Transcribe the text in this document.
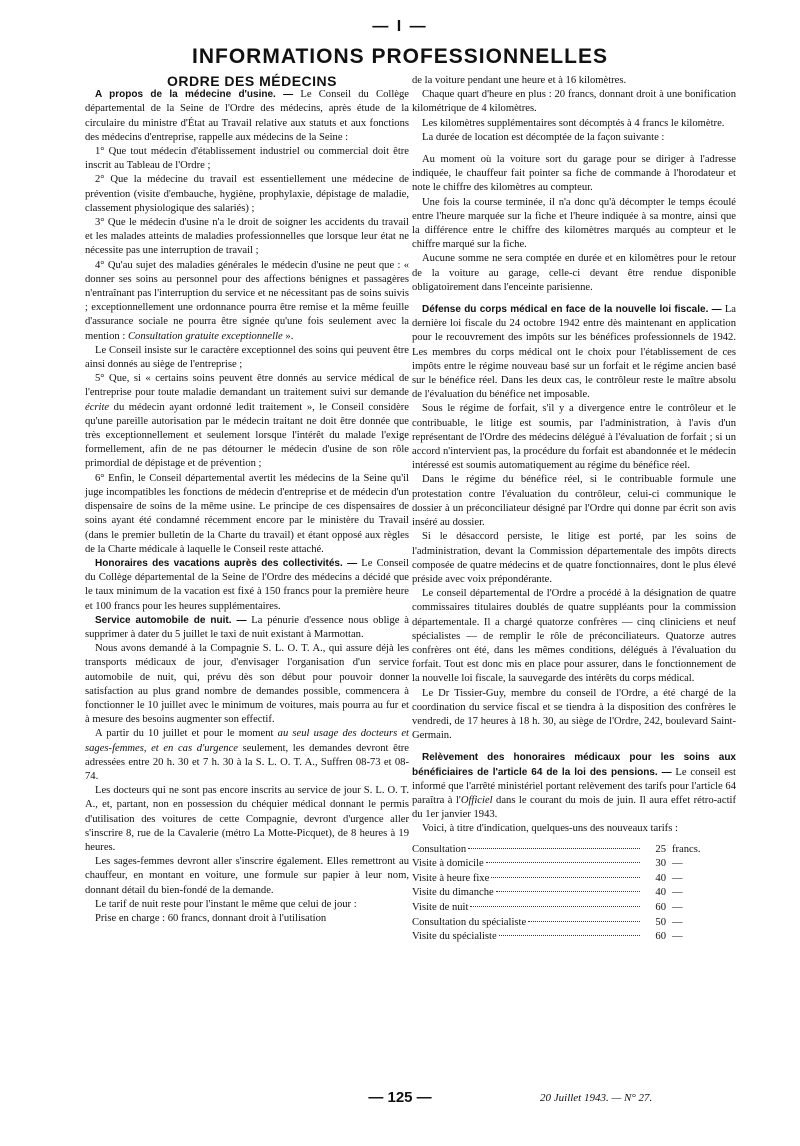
— I —
INFORMATIONS PROFESSIONNELLES

ORDRE DES MÉDECINS

A propos de la médecine d'usine. — Le Conseil du Collège départemental de la Seine de l'Ordre des médecins, après étude de la circulaire du ministre d'État au Travail relative aux statuts et aux fonctions des médecins d'entreprise, rappelle aux médecins de la Seine :

1° Que tout médecin d'établissement industriel ou commercial doit être inscrit au Tableau de l'Ordre ;

2° Que la médecine du travail est essentiellement une médecine de prévention (visite d'embauche, hygiène, prophylaxie, dépistage de maladie, classement physiologique des salariés) ;

3° Que le médecin d'usine n'a le droit de soigner les accidents du travail et les malades atteints de maladies professionnelles que lorsque leur état ne nécessite pas une interruption de travail ;

4° Qu'au sujet des maladies générales le médecin d'usine ne peut que : « donner ses soins au personnel pour des affections bénignes et passagères n'entraînant pas l'interruption du service et ne nécessitant pas de soins suivis ; exceptionnellement une ordonnance pourra être remise et la même feuille d'assurance sociale ne pourra être signée qu'une fois seulement avec la mention : Consultation gratuite exceptionnelle ».

Le Conseil insiste sur le caractère exceptionnel des soins qui peuvent être ainsi donnés au siège de l'entreprise ;

5° Que, si « certains soins peuvent être donnés au service médical de l'entreprise pour toute maladie demandant un traitement suivi sur demande écrite du médecin ayant ordonné ledit traitement », le Conseil considère qu'une pareille autorisation par le médecin traitant ne doit être donnée que très exceptionnellement et seulement lorsque l'intérêt du malade l'exige formellement, afin de ne pas détourner le médecin d'usine de son rôle primordial de dépistage et de prévention ;

6° Enfin, le Conseil départemental avertit les médecins de la Seine qu'il juge incompatibles les fonctions de médecin d'entreprise et de médecin d'un dispensaire de soins de la même usine. Le principe de ces dispensaires de soins ayant été condamné récemment encore par le ministère du Travail (dans le premier bulletin de la Charte du travail) et étant opposé aux règles de la Charte médicale à laquelle le Conseil reste attaché.

Honoraires des vacations auprès des collectivités. — Le Conseil du Collège départemental de la Seine de l'Ordre des médecins a décidé que le taux minimum de la vacation est fixé à 150 francs pour la première heure et 100 francs pour les heures supplémentaires.

Service automobile de nuit. — La pénurie d'essence nous oblige à supprimer à dater du 5 juillet le taxi de nuit existant à Marmottan.

Nous avons demandé à la Compagnie S. L. O. T. A., qui assure déjà les transports médicaux de jour, d'envisager l'organisation d'un service automobile de nuit, qui, prévu dès son début pour pouvoir donner satisfaction au plus grand nombre de demandes possible, commencera à fonctionner le 10 juillet avec le minimum de voitures, mais pourra au fur et à mesure des besoins augmenter son effectif.

A partir du 10 juillet et pour le moment au seul usage des docteurs et sages-femmes, et en cas d'urgence seulement, les demandes devront être adressées entre 20 h. 30 et 7 h. 30 à la S. L. O. T. A., Suffren 08-73 et 08-74.

Les docteurs qui ne sont pas encore inscrits au service de jour S. L. O. T. A., et, partant, non en possession du chéquier médical donnant le permis d'utilisation des voitures de cette Compagnie, devront d'urgence aller s'inscrire 8, rue de la Cavalerie (métro La Motte-Picquet), de 8 heures à 19 heures.

Les sages-femmes devront aller s'inscrire également. Elles remettront au chauffeur, en montant en voiture, une formule sur papier à leur nom, donnant détail du bien-fondé de la demande.

Le tarif de nuit reste pour l'instant le même que celui de jour :

Prise en charge : 60 francs, donnant droit à l'utilisation

de la voiture pendant une heure et à 16 kilomètres.

Chaque quart d'heure en plus : 20 francs, donnant droit à une bonification kilométrique de 4 kilomètres.

Les kilomètres supplémentaires sont décomptés à 4 francs le kilomètre.

La durée de location est décomptée de la façon suivante :

Au moment où la voiture sort du garage pour se diriger à l'adresse indiquée, le chauffeur fait pointer sa fiche de commande à l'horodateur et note le chiffre des kilomètres au compteur.

Une fois la course terminée, il n'a donc qu'à décompter le temps écoulé entre l'heure marquée sur la fiche et l'heure indiquée à sa montre, ainsi que la différence entre le chiffre des kilomètres marqués au compteur et le chiffre marqué sur la fiche.

Aucune somme ne sera comptée en durée et en kilomètres pour le retour de la voiture au garage, celle-ci devant être rendue disponible obligatoirement dans l'enceinte parisienne.

Défense du corps médical en face de la nouvelle loi fiscale. — La dernière loi fiscale du 24 octobre 1942 entre dès maintenant en application pour le recouvrement des impôts sur les bénéfices professionnels de 1942. Les membres du corps médical ont le choix pour l'établissement de ces impôts entre le régime nouveau basé sur un forfait et le régime ancien basé sur le bénéfice réel. Dans les deux cas, le contrôleur reste le maître absolu de l'évaluation du bénéfice net imposable.

Sous le régime de forfait, s'il y a divergence entre le contrôleur et le contribuable, le litige est soumis, par l'administration, à l'avis d'un représentant de l'Ordre des médecins délégué à l'évaluation de forfait ; si un accord n'intervient pas, la procédure du forfait est abandonnée et le médecin intéressé est soumis automatiquement au régime du bénéfice réel.

Dans le régime du bénéfice réel, si le contribuable formule une protestation contre l'évaluation du contrôleur, celui-ci communique le dossier à un préconciliateur désigné par l'Ordre qui donne par écrit son avis inséré au dossier.

Si le désaccord persiste, le litige est porté, par les soins de l'administration, devant la Commission départementale des impôts directs composée de quatre médecins et de quatre fonctionnaires, dont le plus élevé préside avec voix prépondérante.

Le conseil départemental de l'Ordre a procédé à la désignation de quatre commissaires titulaires doublés de quatre suppléants pour la commission départementale. Il a chargé quatorze confrères — cinq cliniciens et neuf spécialistes — de remplir le rôle de préconciliateurs. Quatorze autres confrères ont été, dans les mêmes conditions, délégués à l'évaluation du forfait. Tout est donc mis en place pour assurer, dans le fonctionnement de la nouvelle loi fiscale, la sauvegarde des intérêts du corps médical.

Le Dr Tissier-Guy, membre du conseil de l'Ordre, a été chargé de la coordination du service fiscal et se tiendra à la disposition des confrères le vendredi, de 17 heures à 18 h. 30, au siège de l'Ordre, 242, boulevard Saint-Germain.

Relèvement des honoraires médicaux pour les soins aux bénéficiaires de l'article 64 de la loi des pensions. — Le conseil est informé que l'arrêté ministériel portant relèvement des tarifs pour l'article 64 paraîtra à l'Officiel dans le courant du mois de juin. Il aura effet rétro-actif du 1er janvier 1943.

Voici, à titre d'indication, quelques-uns des nouveaux tarifs :

Consultation	25 francs.
Visite à domicile	30 —
Visite à heure fixe	40 —
Visite du dimanche	40 —
Visite de nuit	60 —
Consultation du spécialiste	50 —
Visite du spécialiste	60 —
— 125 —	20 Juillet 1943. — N° 27.
